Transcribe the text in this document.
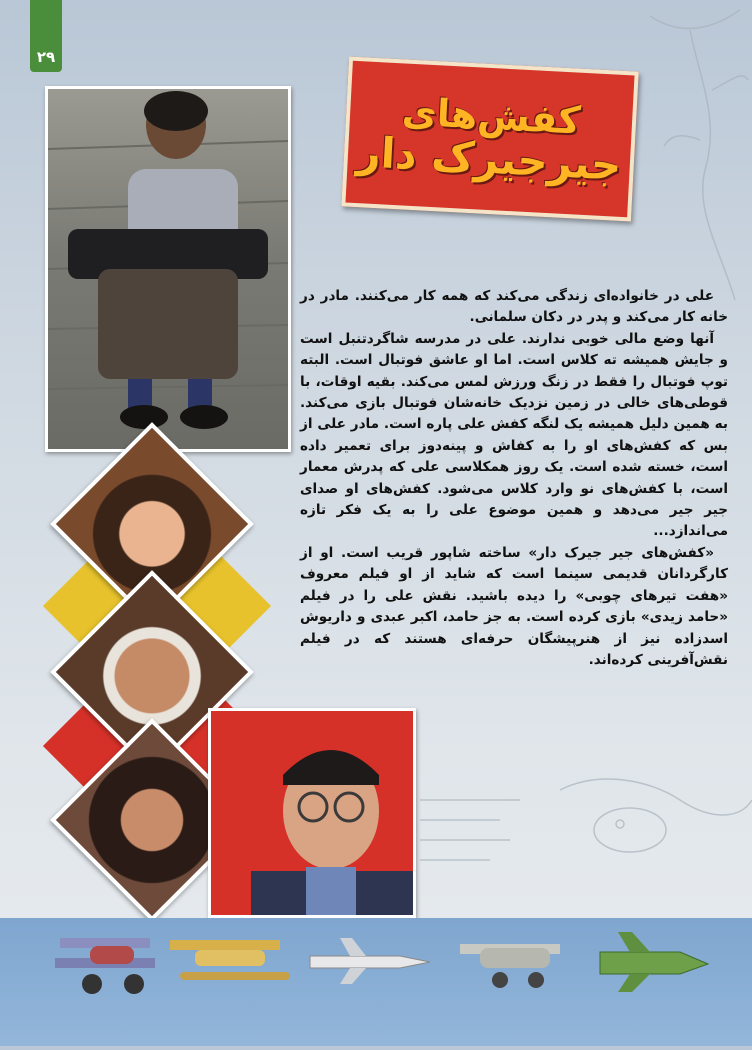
۲۹
کفش‌های
جیرجیرک دار

علی در خانواده‌ای زندگی می‌کند که همه کار می‌کنند. مادر در خانه کار می‌کند و پدر در دکان سلمانی.

آنها وضع مالی خوبی ندارند. علی در مدرسه شاگردتنبل است و جایش همیشه ته کلاس است. اما او عاشق فوتبال است. البته توپ فوتبال را فقط در زنگ ورزش لمس می‌کند. بقیه اوقات، با قوطی‌های خالی در زمین نزدیک خانه‌شان فوتبال بازی می‌کند. به همین دلیل همیشه یک لنگه کفش علی پاره است. مادر علی از بس که کفش‌های او را به کفاش و پینه‌دوز برای تعمیر داده است، خسته شده است. یک روز همکلاسی علی که پدرش معمار است، با کفش‌های نو وارد کلاس می‌شود. کفش‌های او صدای جیر جیر می‌دهد و همین موضوع علی را به یک فکر تازه می‌اندازد...

«کفش‌های جیر جیرک دار» ساخته شاپور قریب است. او از کارگردانان قدیمی سینما است که شاید از او فیلم معروف «هفت تیرهای چوبی» را دیده باشید. نقش علی را در فیلم «حامد زیدی» بازی کرده است. به جز حامد، اکبر عبدی و داریوش اسدزاده نیز از هنرپیشگان حرفه‌ای هستند که در فیلم نقش‌آفرینی کرده‌اند.
